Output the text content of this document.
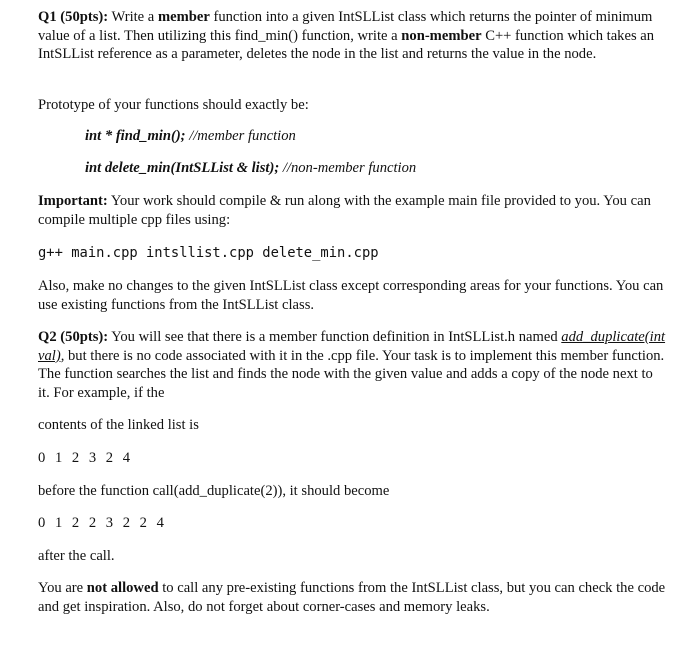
Q1 (50pts): Write a member function into a given IntSLList class which returns the pointer of minimum value of a list. Then utilizing this find_min() function, write a non-member C++ function which takes an IntSLList reference as a parameter, deletes the node in the list and returns the value in the node.

Prototype of your functions should exactly be:

int * find_min(); //member function
int delete_min(IntSLList & list); //non-member function

Important: Your work should compile & run along with the example main file provided to you. You can compile multiple cpp files using:

g++ main.cpp intsllist.cpp delete_min.cpp

Also, make no changes to the given IntSLList class except corresponding areas for your functions. You can use existing functions from the IntSLList class.

Q2 (50pts): You will see that there is a member function definition in IntSLList.h named add_duplicate(int val), but there is no code associated with it in the .cpp file. Your task is to implement this member function. The function searches the list and finds the node with the given value and adds a copy of the node next to it. For example, if the

contents of the linked list is

0 1 2 3 2 4

before the function call(add_duplicate(2)), it should become

0 1 2 2 3 2 2 4

after the call.

You are not allowed to call any pre-existing functions from the IntSLList class, but you can check the code and get inspiration. Also, do not forget about corner-cases and memory leaks.
